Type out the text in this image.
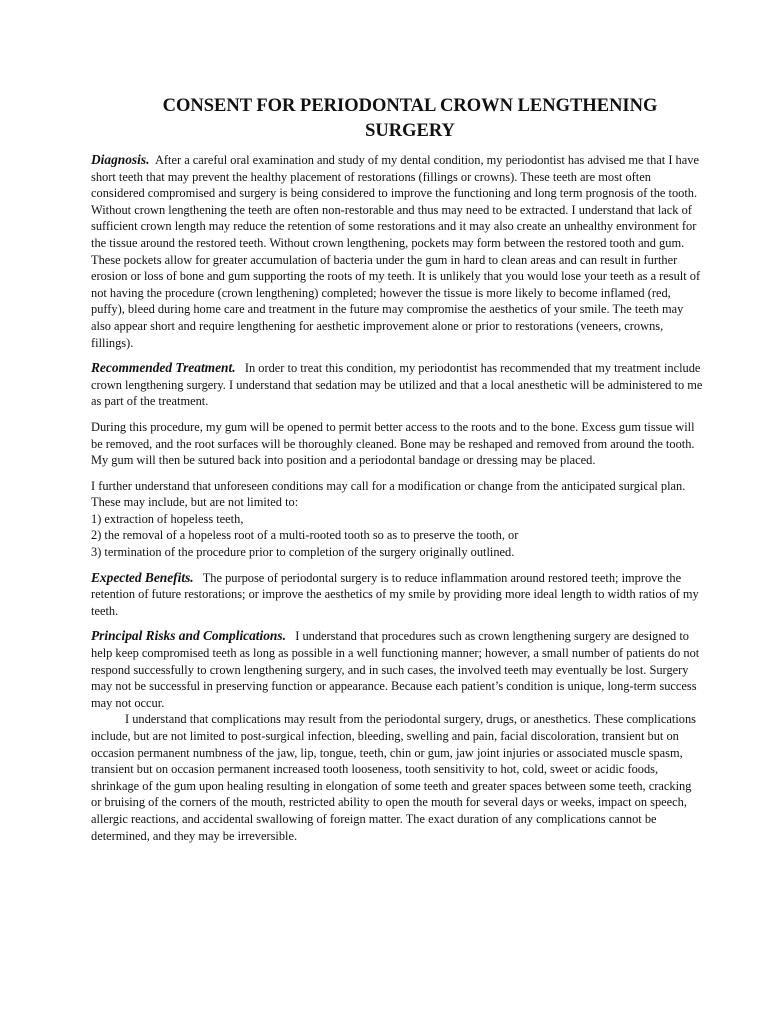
CONSENT FOR PERIODONTAL CROWN LENGTHENING
SURGERY

Diagnosis. After a careful oral examination and study of my dental condition, my periodontist has advised me that I have short teeth that may prevent the healthy placement of restorations (fillings or crowns). These teeth are most often considered compromised and surgery is being considered to improve the functioning and long term prognosis of the tooth. Without crown lengthening the teeth are often non-restorable and thus may need to be extracted. I understand that lack of sufficient crown length may reduce the retention of some restorations and it may also create an unhealthy environment for the tissue around the restored teeth. Without crown lengthening, pockets may form between the restored tooth and gum. These pockets allow for greater accumulation of bacteria under the gum in hard to clean areas and can result in further erosion or loss of bone and gum supporting the roots of my teeth. It is unlikely that you would lose your teeth as a result of not having the procedure (crown lengthening) completed; however the tissue is more likely to become inflamed (red, puffy), bleed during home care and treatment in the future may compromise the aesthetics of your smile. The teeth may also appear short and require lengthening for aesthetic improvement alone or prior to restorations (veneers, crowns, fillings).

Recommended Treatment. In order to treat this condition, my periodontist has recommended that my treatment include crown lengthening surgery. I understand that sedation may be utilized and that a local anesthetic will be administered to me as part of the treatment.

During this procedure, my gum will be opened to permit better access to the roots and to the bone. Excess gum tissue will be removed, and the root surfaces will be thoroughly cleaned. Bone may be reshaped and removed from around the tooth. My gum will then be sutured back into position and a periodontal bandage or dressing may be placed.

I further understand that unforeseen conditions may call for a modification or change from the anticipated surgical plan. These may include, but are not limited to:
1) extraction of hopeless teeth,
2) the removal of a hopeless root of a multi-rooted tooth so as to preserve the tooth, or
3) termination of the procedure prior to completion of the surgery originally outlined.

Expected Benefits. The purpose of periodontal surgery is to reduce inflammation around restored teeth; improve the retention of future restorations; or improve the aesthetics of my smile by providing more ideal length to width ratios of my teeth.

Principal Risks and Complications. I understand that procedures such as crown lengthening surgery are designed to help keep compromised teeth as long as possible in a well functioning manner; however, a small number of patients do not respond successfully to crown lengthening surgery, and in such cases, the involved teeth may eventually be lost. Surgery may not be successful in preserving function or appearance. Because each patient’s condition is unique, long-term success may not occur.

I understand that complications may result from the periodontal surgery, drugs, or anesthetics. These complications include, but are not limited to post-surgical infection, bleeding, swelling and pain, facial discoloration, transient but on occasion permanent numbness of the jaw, lip, tongue, teeth, chin or gum, jaw joint injuries or associated muscle spasm, transient but on occasion permanent increased tooth looseness, tooth sensitivity to hot, cold, sweet or acidic foods, shrinkage of the gum upon healing resulting in elongation of some teeth and greater spaces between some teeth, cracking or bruising of the corners of the mouth, restricted ability to open the mouth for several days or weeks, impact on speech, allergic reactions, and accidental swallowing of foreign matter. The exact duration of any complications cannot be determined, and they may be irreversible.
